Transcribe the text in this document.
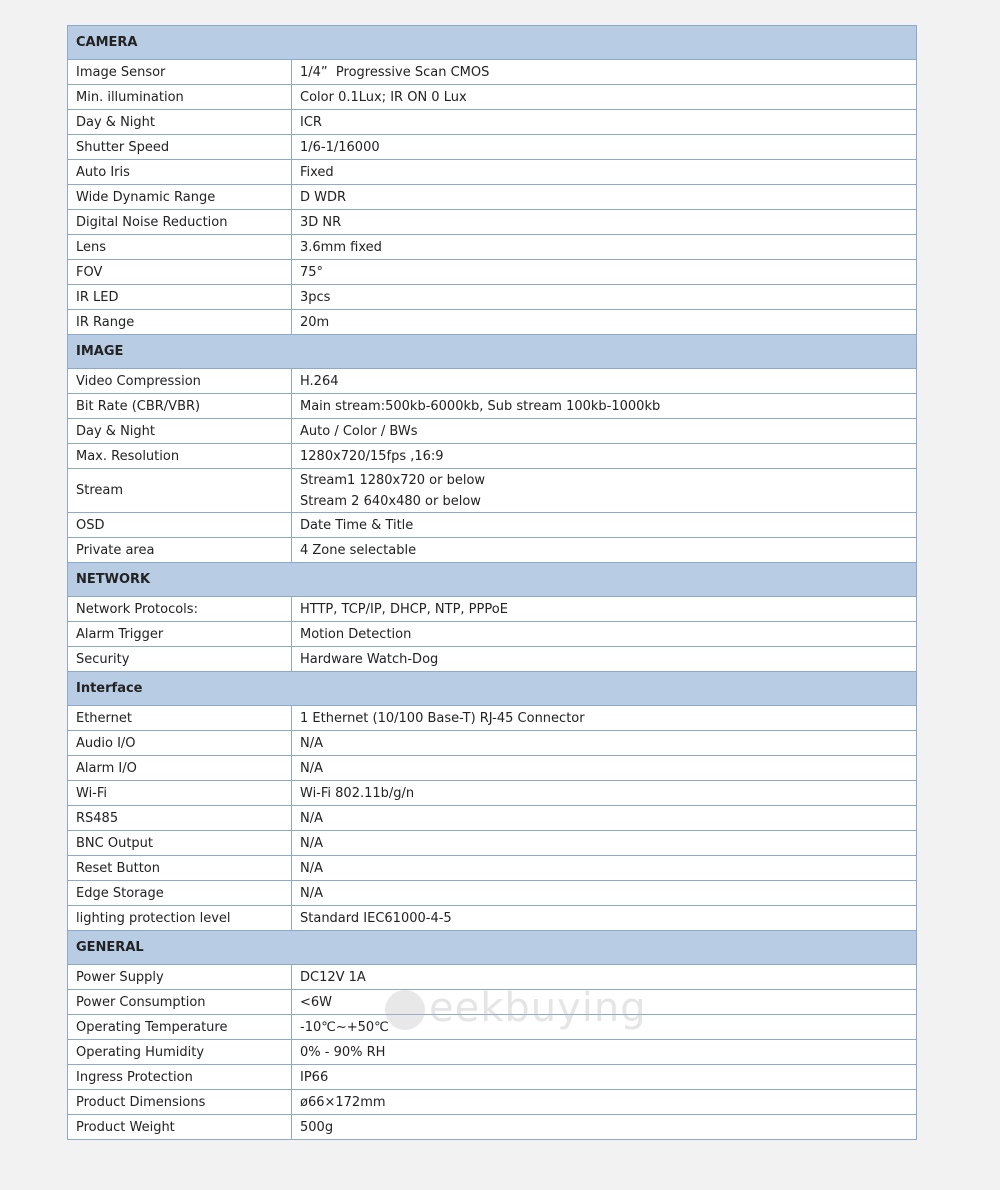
CAMERA	
Image Sensor	1/4”  Progressive Scan CMOS
Min. illumination	Color 0.1Lux; IR ON 0 Lux
Day & Night	ICR
Shutter Speed	1/6-1/16000
Auto Iris	Fixed
Wide Dynamic Range	D WDR
Digital Noise Reduction	3D NR
Lens	3.6mm fixed
FOV	75°
IR LED	3pcs
IR Range	20m
IMAGE	
Video Compression	H.264
Bit Rate (CBR/VBR)	Main stream:500kb-6000kb, Sub stream 100kb-1000kb
Day & Night	Auto / Color / BWs
Max. Resolution	1280x720/15fps ,16:9
Stream	Stream1 1280x720 or below
Stream 2 640x480 or below

OSD	Date Time & Title
Private area	4 Zone selectable
NETWORK	
Network Protocols:	HTTP, TCP/IP, DHCP, NTP, PPPoE
Alarm Trigger	Motion Detection
Security	Hardware Watch-Dog
Interface	
Ethernet	1 Ethernet (10/100 Base-T) RJ-45 Connector
Audio I/O	N/A
Alarm I/O	N/A
Wi-Fi	Wi-Fi 802.11b/g/n
RS485	N/A
BNC Output	N/A
Reset Button	N/A
Edge Storage	N/A
lighting protection level	Standard IEC61000-4-5
GENERAL	
Power Supply	DC12V 1A
Power Consumption	<6W
Operating Temperature	-10℃~+50℃
Operating Humidity	0% - 90% RH
Ingress Protection	IP66
Product Dimensions	ø66×172mm
Product Weight	500g
eekbuying
